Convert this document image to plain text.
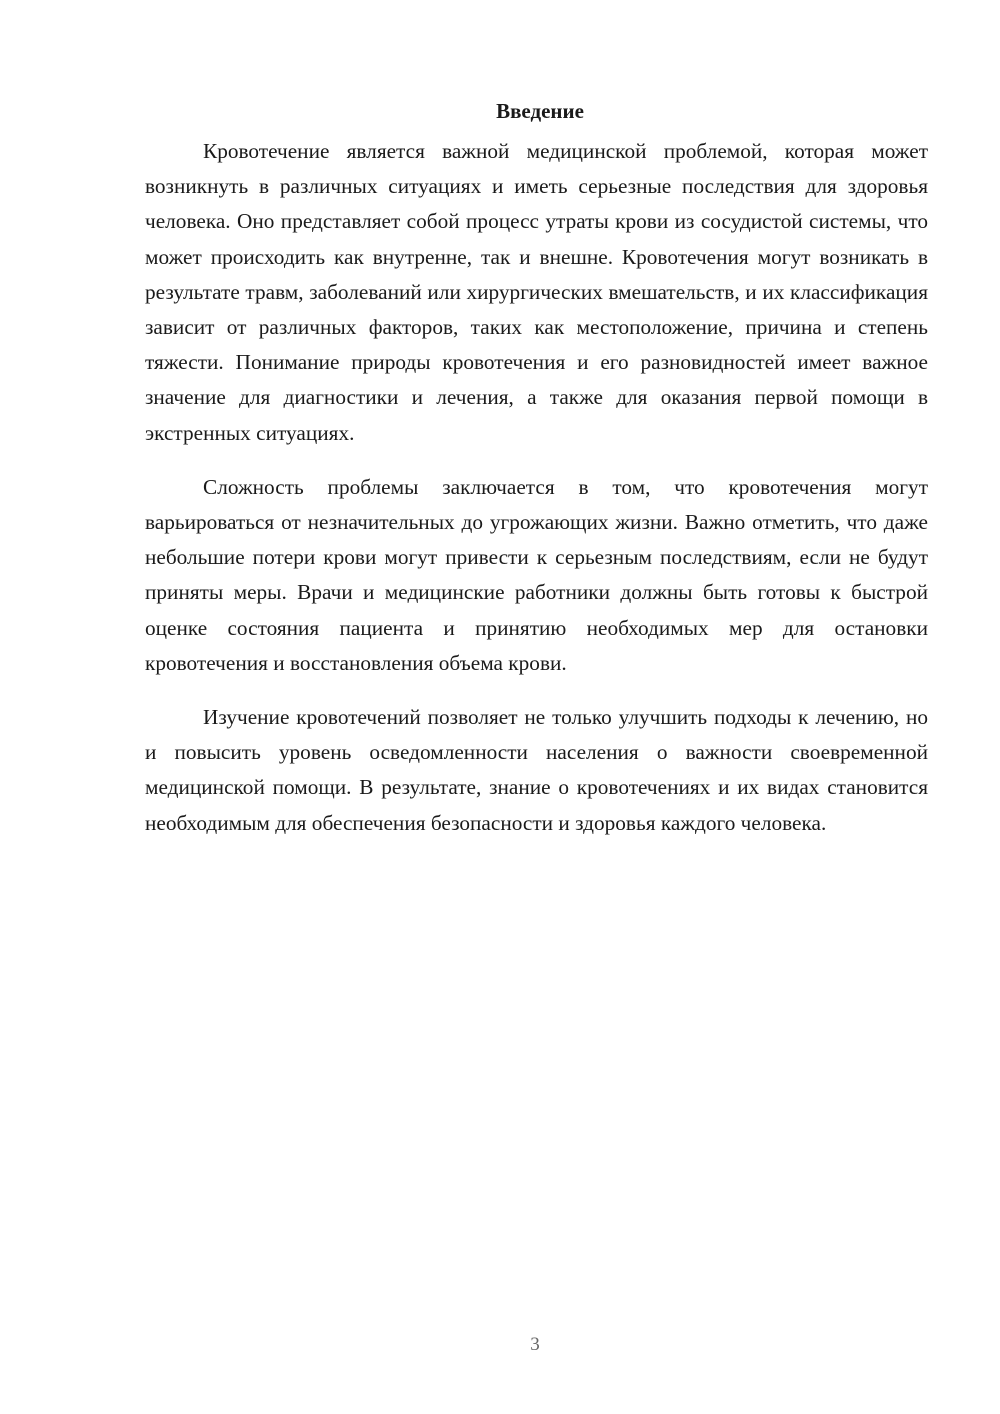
Введение

Кровотечение является важной медицинской проблемой, которая может возникнуть в различных ситуациях и иметь серьезные последствия для здоровья человека. Оно представляет собой процесс утраты крови из сосудистой системы, что может происходить как внутренне, так и внешне. Кровотечения могут возникать в результате травм, заболеваний или хирургических вмешательств, и их классификация зависит от различных факторов, таких как местоположение, причина и степень тяжести. Понимание природы кровотечения и его разновидностей имеет важное значение для диагностики и лечения, а также для оказания первой помощи в экстренных ситуациях.

Сложность проблемы заключается в том, что кровотечения могут варьироваться от незначительных до угрожающих жизни. Важно отметить, что даже небольшие потери крови могут привести к серьезным последствиям, если не будут приняты меры. Врачи и медицинские работники должны быть готовы к быстрой оценке состояния пациента и принятию необходимых мер для остановки кровотечения и восстановления объема крови.

Изучение кровотечений позволяет не только улучшить подходы к лечению, но и повысить уровень осведомленности населения о важности своевременной медицинской помощи. В результате, знание о кровотечениях и их видах становится необходимым для обеспечения безопасности и здоровья каждого человека.

3
